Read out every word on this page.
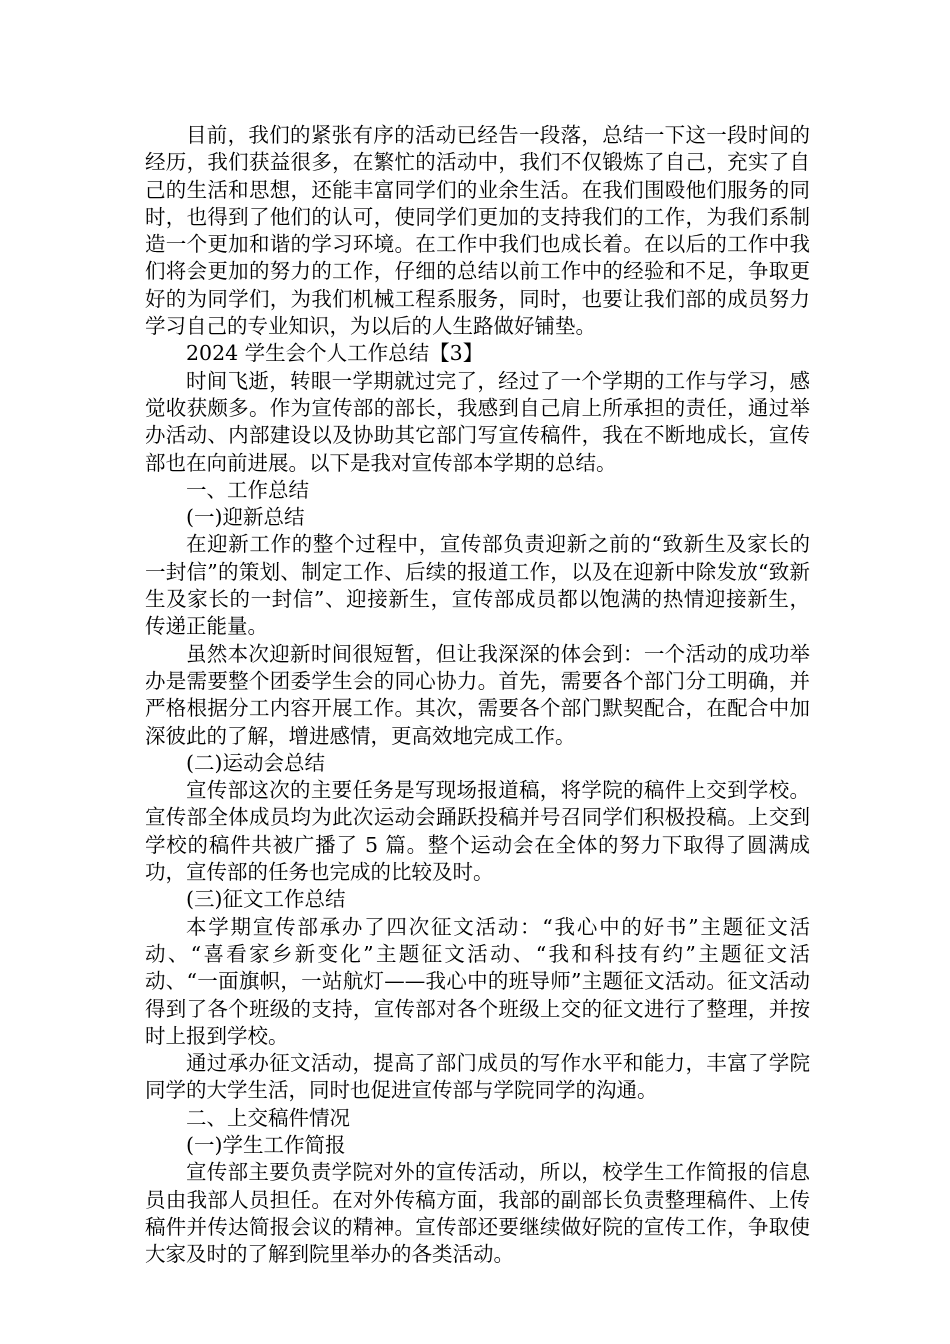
目前，我们的紧张有序的活动已经告一段落，总结一下这一段时间的经历，我们获益很多，在繁忙的活动中，我们不仅锻炼了自己，充实了自己的生活和思想，还能丰富同学们的业余生活。在我们围殴他们服务的同时，也得到了他们的认可，使同学们更加的支持我们的工作，为我们系制造一个更加和谐的学习环境。在工作中我们也成长着。在以后的工作中我们将会更加的努力的工作，仔细的总结以前工作中的经验和不足，争取更好的为同学们，为我们机械工程系服务，同时，也要让我们部的成员努力学习自己的专业知识，为以后的人生路做好铺垫。

2024 学生会个人工作总结【3】

时间飞逝，转眼一学期就过完了，经过了一个学期的工作与学习，感觉收获颇多。作为宣传部的部长，我感到自己肩上所承担的责任，通过举办活动、内部建设以及协助其它部门写宣传稿件，我在不断地成长，宣传部也在向前进展。以下是我对宣传部本学期的总结。

一、工作总结

(一)迎新总结

在迎新工作的整个过程中，宣传部负责迎新之前的“致新生及家长的一封信”的策划、制定工作、后续的报道工作，以及在迎新中除发放“致新生及家长的一封信”、迎接新生，宣传部成员都以饱满的热情迎接新生，传递正能量。

虽然本次迎新时间很短暂，但让我深深的体会到：一个活动的成功举办是需要整个团委学生会的同心协力。首先，需要各个部门分工明确，并严格根据分工内容开展工作。其次，需要各个部门默契配合，在配合中加深彼此的了解，增进感情，更高效地完成工作。

(二)运动会总结

宣传部这次的主要任务是写现场报道稿，将学院的稿件上交到学校。宣传部全体成员均为此次运动会踊跃投稿并号召同学们积极投稿。上交到学校的稿件共被广播了 5 篇。整个运动会在全体的努力下取得了圆满成功，宣传部的任务也完成的比较及时。

(三)征文工作总结

本学期宣传部承办了四次征文活动：“我心中的好书”主题征文活动、“喜看家乡新变化”主题征文活动、“我和科技有约”主题征文活动、“一面旗帜，一站航灯——我心中的班导师”主题征文活动。征文活动得到了各个班级的支持，宣传部对各个班级上交的征文进行了整理，并按时上报到学校。

通过承办征文活动，提高了部门成员的写作水平和能力，丰富了学院同学的大学生活，同时也促进宣传部与学院同学的沟通。

二、上交稿件情况

(一)学生工作简报

宣传部主要负责学院对外的宣传活动，所以，校学生工作简报的信息员由我部人员担任。在对外传稿方面，我部的副部长负责整理稿件、上传稿件并传达简报会议的精神。宣传部还要继续做好院的宣传工作，争取使大家及时的了解到院里举办的各类活动。
